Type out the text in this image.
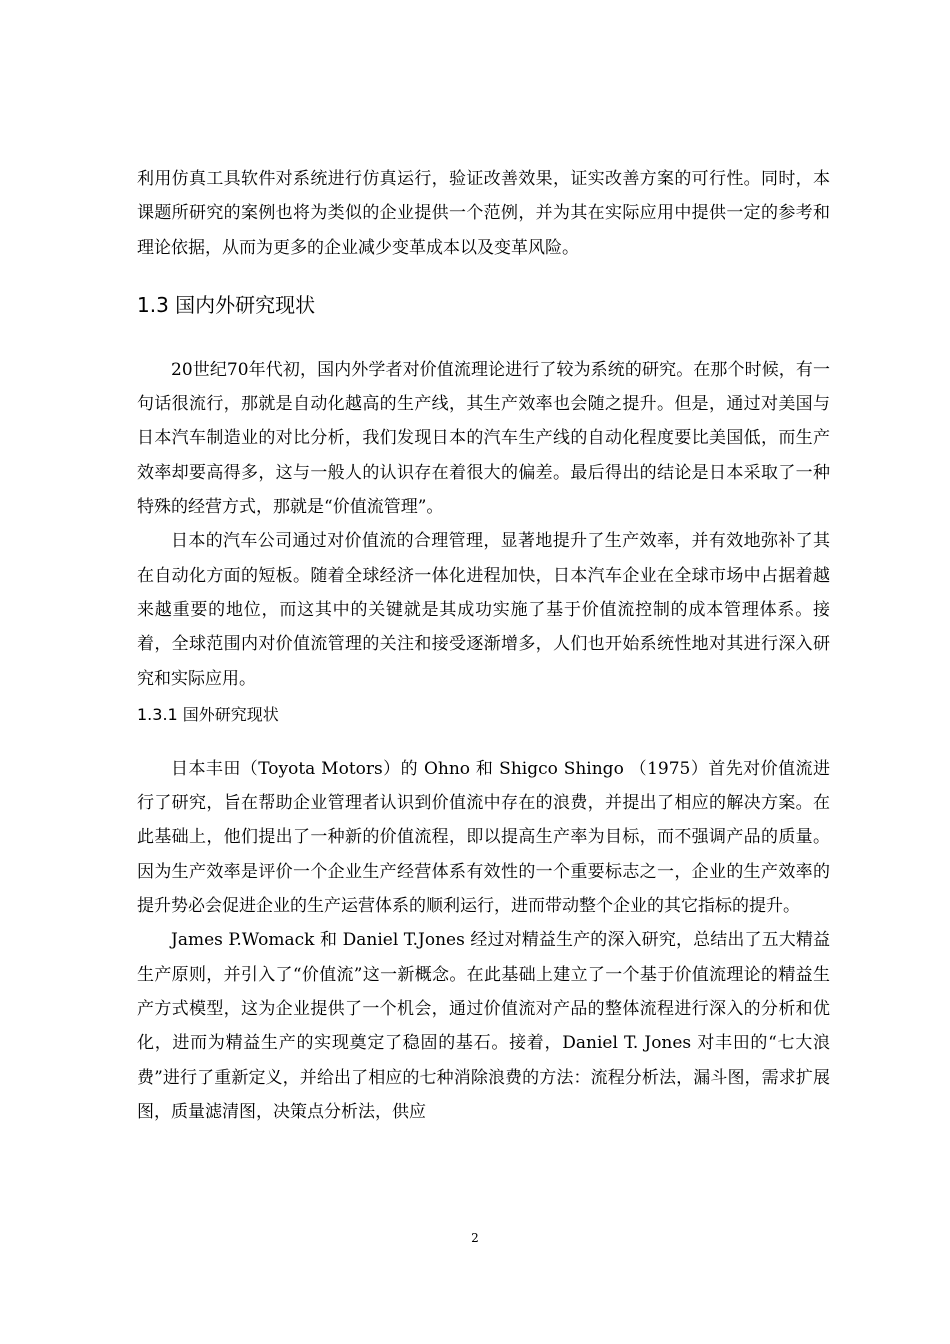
利用仿真工具软件对系统进行仿真运行，验证改善效果，证实改善方案的可行性。同时，本课题所研究的案例也将为类似的企业提供一个范例，并为其在实际应用中提供一定的参考和理论依据，从而为更多的企业减少变革成本以及变革风险。

1.3 国内外研究现状

20世纪70年代初，国内外学者对价值流理论进行了较为系统的研究。在那个时候，有一句话很流行，那就是自动化越高的生产线，其生产效率也会随之提升。但是，通过对美国与日本汽车制造业的对比分析，我们发现日本的汽车生产线的自动化程度要比美国低，而生产效率却要高得多，这与一般人的认识存在着很大的偏差。最后得出的结论是日本采取了一种特殊的经营方式，那就是“价值流管理”。

日本的汽车公司通过对价值流的合理管理，显著地提升了生产效率，并有效地弥补了其在自动化方面的短板。随着全球经济一体化进程加快，日本汽车企业在全球市场中占据着越来越重要的地位，而这其中的关键就是其成功实施了基于价值流控制的成本管理体系。接着，全球范围内对价值流管理的关注和接受逐渐增多，人们也开始系统性地对其进行深入研究和实际应用。

1.3.1 国外研究现状

日本丰田（Toyota Motors）的 Ohno 和 Shigco Shingo （1975）首先对价值流进行了研究，旨在帮助企业管理者认识到价值流中存在的浪费，并提出了相应的解决方案。在此基础上，他们提出了一种新的价值流程，即以提高生产率为目标，而不强调产品的质量。因为生产效率是评价一个企业生产经营体系有效性的一个重要标志之一，企业的生产效率的提升势必会促进企业的生产运营体系的顺利运行，进而带动整个企业的其它指标的提升。

James P.Womack 和 Daniel T.Jones 经过对精益生产的深入研究，总结出了五大精益生产原则，并引入了“价值流”这一新概念。在此基础上建立了一个基于价值流理论的精益生产方式模型，这为企业提供了一个机会，通过价值流对产品的整体流程进行深入的分析和优化，进而为精益生产的实现奠定了稳固的基石。接着，Daniel T. Jones 对丰田的“七大浪费”进行了重新定义，并给出了相应的七种消除浪费的方法：流程分析法，漏斗图，需求扩展图，质量滤清图，决策点分析法，供应

2
